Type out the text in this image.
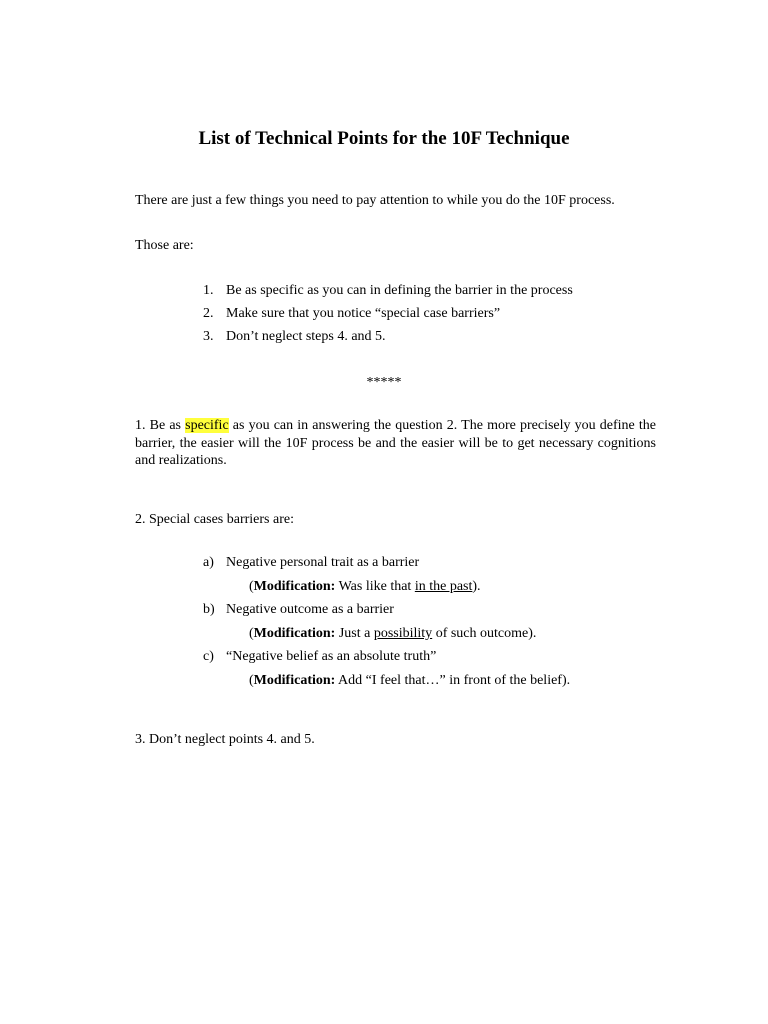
List of Technical Points for the 10F Technique
There are just a few things you need to pay attention to while you do the 10F process.
Those are:
1. Be as specific as you can in defining the barrier in the process
2. Make sure that you notice “special case barriers”
3. Don’t neglect steps 4. and 5.
*****
1. Be as specific as you can in answering the question 2. The more precisely you define the barrier, the easier will the 10F process be and the easier will be to get necessary cognitions and realizations.
2. Special cases barriers are:
a) Negative personal trait as a barrier
(Modification: Was like that in the past).
b) Negative outcome as a barrier
(Modification: Just a possibility of such outcome).
c) “Negative belief as an absolute truth”
(Modification: Add “I feel that…” in front of the belief).
3. Don’t neglect points 4. and 5.
